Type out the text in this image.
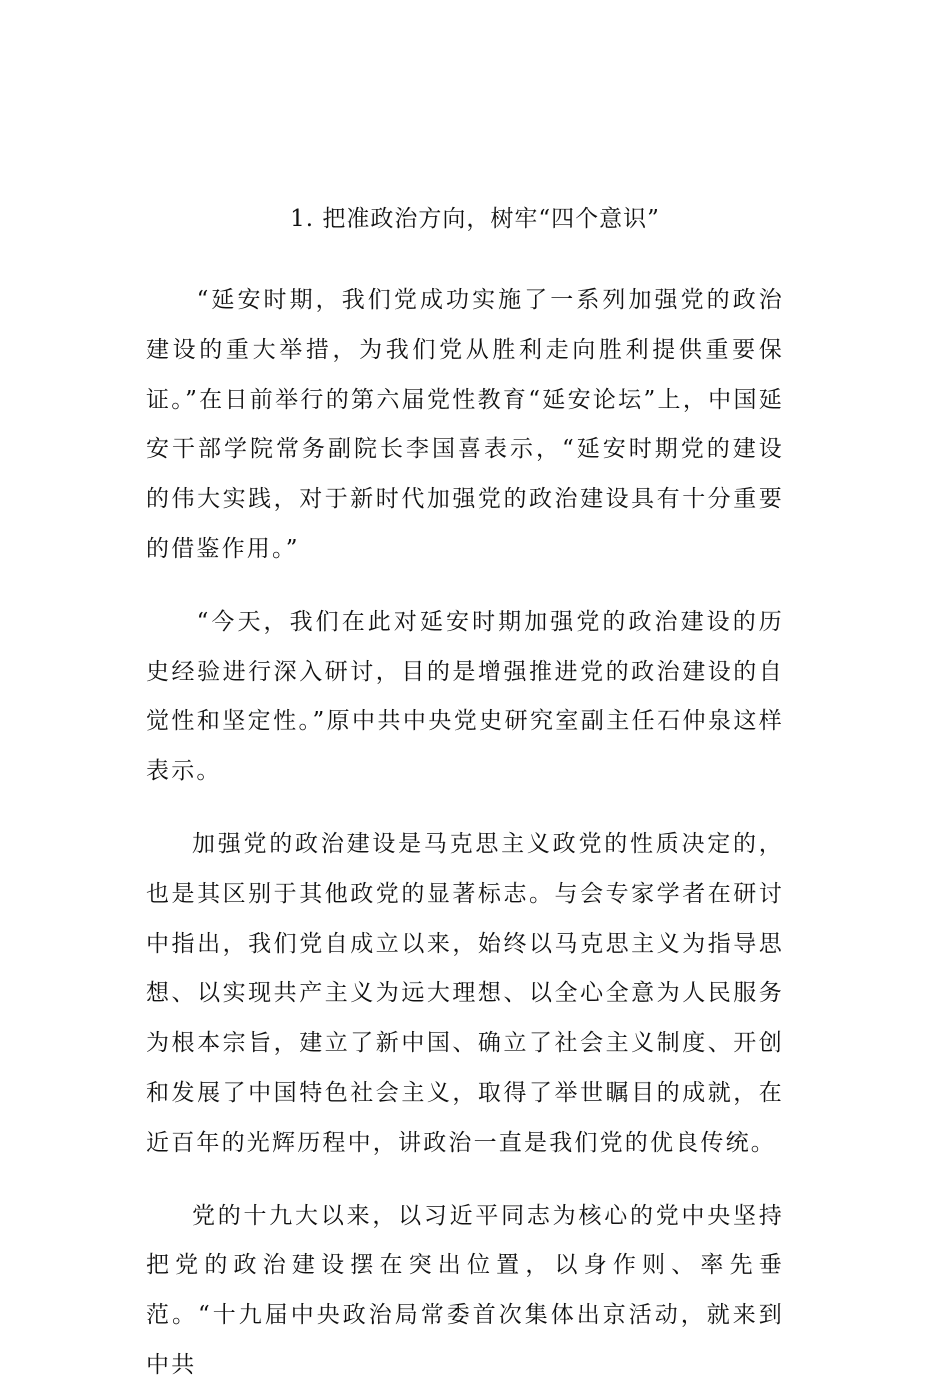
1. 把准政治方向，树牢“四个意识”

“延安时期，我们党成功实施了一系列加强党的政治建设的重大举措，为我们党从胜利走向胜利提供重要保证。”在日前举行的第六届党性教育“延安论坛”上，中国延安干部学院常务副院长李国喜表示，“延安时期党的建设的伟大实践，对于新时代加强党的政治建设具有十分重要的借鉴作用。”

“今天，我们在此对延安时期加强党的政治建设的历史经验进行深入研讨，目的是增强推进党的政治建设的自觉性和坚定性。”原中共中央党史研究室副主任石仲泉这样表示。

加强党的政治建设是马克思主义政党的性质决定的，也是其区别于其他政党的显著标志。与会专家学者在研讨中指出，我们党自成立以来，始终以马克思主义为指导思想、以实现共产主义为远大理想、以全心全意为人民服务为根本宗旨，建立了新中国、确立了社会主义制度、开创和发展了中国特色社会主义，取得了举世瞩目的成就，在近百年的光辉历程中，讲政治一直是我们党的优良传统。

党的十九大以来，以习近平同志为核心的党中央坚持把党的政治建设摆在突出位置，以身作则、率先垂范。“十九届中央政治局常委首次集体出京活动，就来到中共
